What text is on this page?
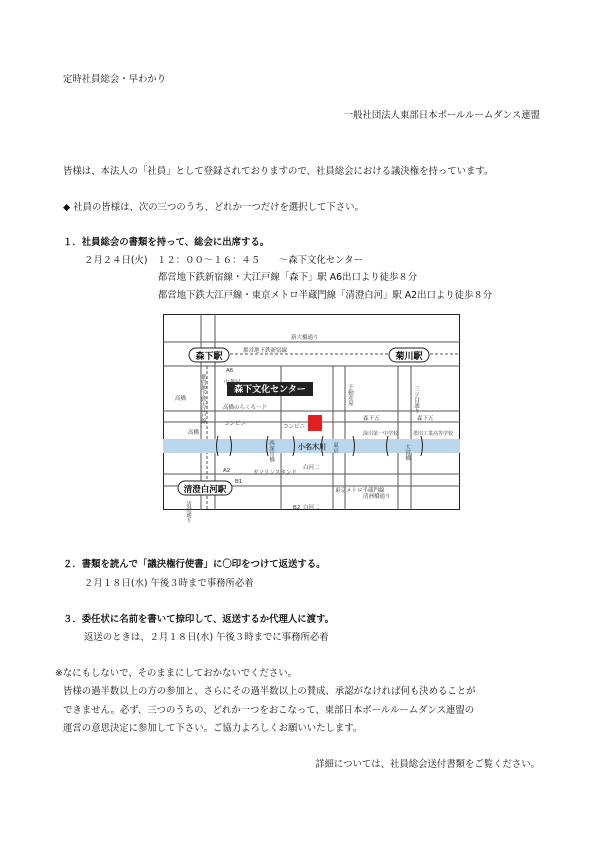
定時社員総会・早わかり
一般社団法人東部日本ボールルームダンス連盟
皆様は、本法人の「社員」として登録されておりますので、社員総会における議決権を持っています。
◆ 社員の皆様は、次の三つのうち、どれか一つだけを選択して下さい。
１．社員総会の書類を持って、総会に出席する。
２月２４日(火)　１２：００～１６：４５　　～森下文化センター
都営地下鉄新宿線・大江戸線「森下」駅 A6出口より徒歩８分
都営地下鉄大江戸線・東京メトロ半蔵門線「清澄白河」駅 A2出口より徒歩８分
森下駅	菊川駅
清澄白河駅
森下文化センター
新大橋通り
三ツ目通り
清洲橋通り
都営地下鉄新宿線
都営地下鉄大江戸線
東京メトロ半蔵門線
高橋のらくろ～ド
清澄通り
東京	大富橋
西深川橋
高橋
小名木川
A6
A2
B1
B2
中華屋
コンビニ
不動産屋
コンビニ
ガソリンスタンド
森下五	森下五
深川第一中学校	墨田工業高等学校
白河二
白河二
高橋
２．書類を読んで「議決権行使書」に〇印をつけて返送する。
２月１８日(水) 午後３時まで事務所必着
３．委任状に名前を書いて捺印して、返送するか代理人に渡す。
返送のときは、２月１８日(水) 午後３時までに事務所必着
※なにもしないで、そのままにしておかないでください。
皆様の過半数以上の方の参加と、さらにその過半数以上の賛成、承認がなければ何も決めることが
できません。必ず、三つのうちの、どれか一つをおこなって、東部日本ボールルームダンス連盟の
運営の意思決定に参加して下さい。ご協力よろしくお願いいたします。
詳細については、社員総会送付書類をご覧ください。
